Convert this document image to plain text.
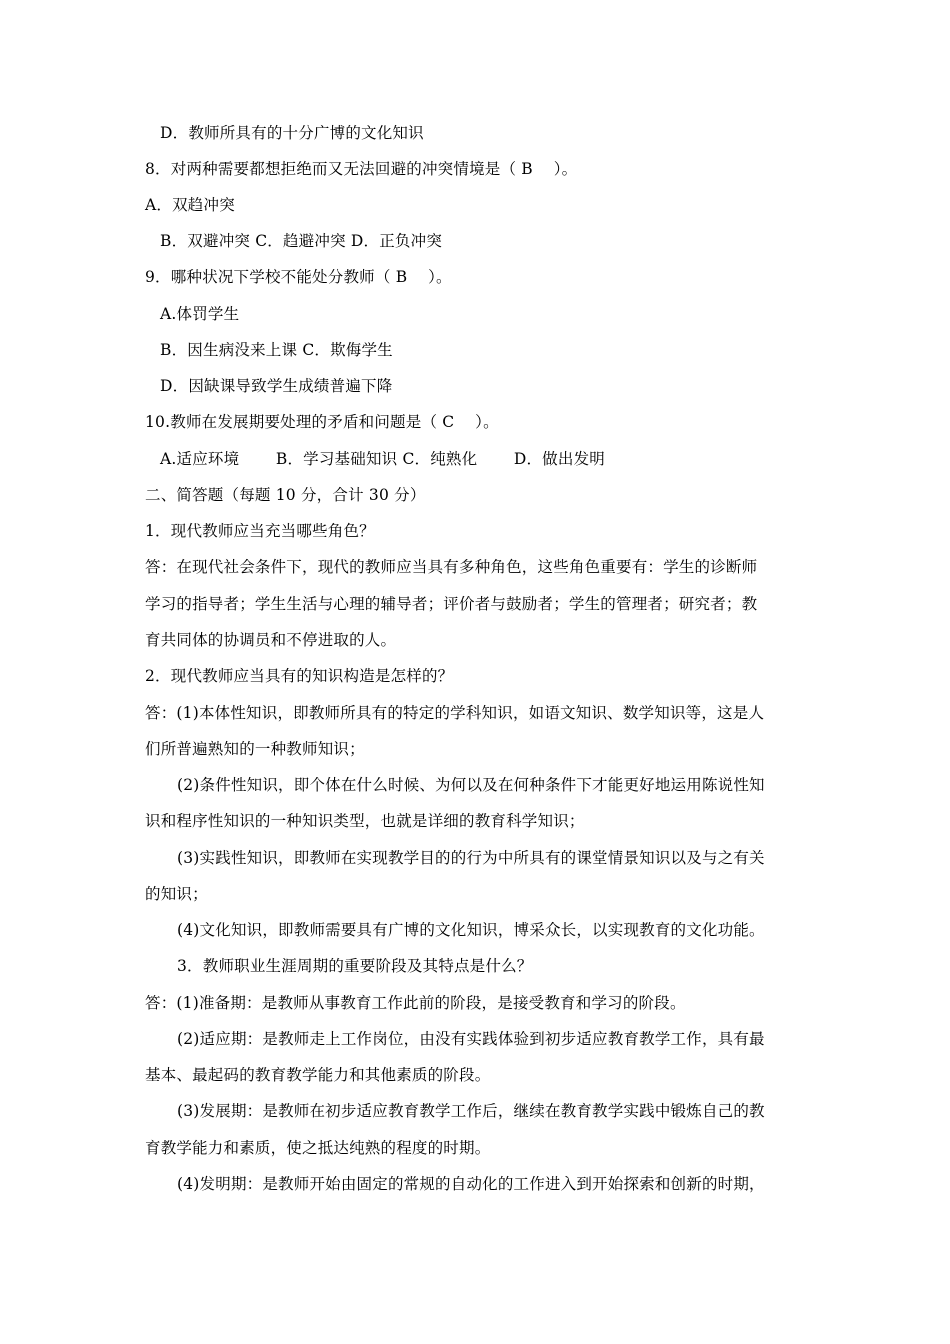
D．教师所具有的十分广博的文化知识
8．对两种需要都想拒绝而又无法回避的冲突情境是（ B　 ）。
A．双趋冲突
B．双避冲突 C．趋避冲突 D．正负冲突
9．哪种状况下学校不能处分教师（ B　 ）。
A.体罚学生
B．因生病没来上课 C．欺侮学生
D．因缺课导致学生成绩普遍下降
10.教师在发展期要处理的矛盾和问题是（ C　 ）。
A.适应环境　　 B．学习基础知识 C．纯熟化　　 D．做出发明
二、简答题（每题 10 分，合计 30 分）
1．现代教师应当充当哪些角色？
答：在现代社会条件下，现代的教师应当具有多种角色，这些角色重要有：学生的诊断师
学习的指导者；学生生活与心理的辅导者；评价者与鼓励者；学生的管理者；研究者；教
育共同体的协调员和不停进取的人。
2．现代教师应当具有的知识构造是怎样的？
答：(1)本体性知识，即教师所具有的特定的学科知识，如语文知识、数学知识等，这是人
们所普遍熟知的一种教师知识；
(2)条件性知识，即个体在什么时候、为何以及在何种条件下才能更好地运用陈说性知
识和程序性知识的一种知识类型，也就是详细的教育科学知识；
(3)实践性知识，即教师在实现教学目的的行为中所具有的课堂情景知识以及与之有关
的知识；
(4)文化知识，即教师需要具有广博的文化知识，博采众长，以实现教育的文化功能。
3．教师职业生涯周期的重要阶段及其特点是什么？
答：(1)准备期：是教师从事教育工作此前的阶段，是接受教育和学习的阶段。
(2)适应期：是教师走上工作岗位，由没有实践体验到初步适应教育教学工作，具有最
基本、最起码的教育教学能力和其他素质的阶段。
(3)发展期：是教师在初步适应教育教学工作后，继续在教育教学实践中锻炼自己的教
育教学能力和素质，使之抵达纯熟的程度的时期。
(4)发明期：是教师开始由固定的常规的自动化的工作进入到开始探索和创新的时期，
